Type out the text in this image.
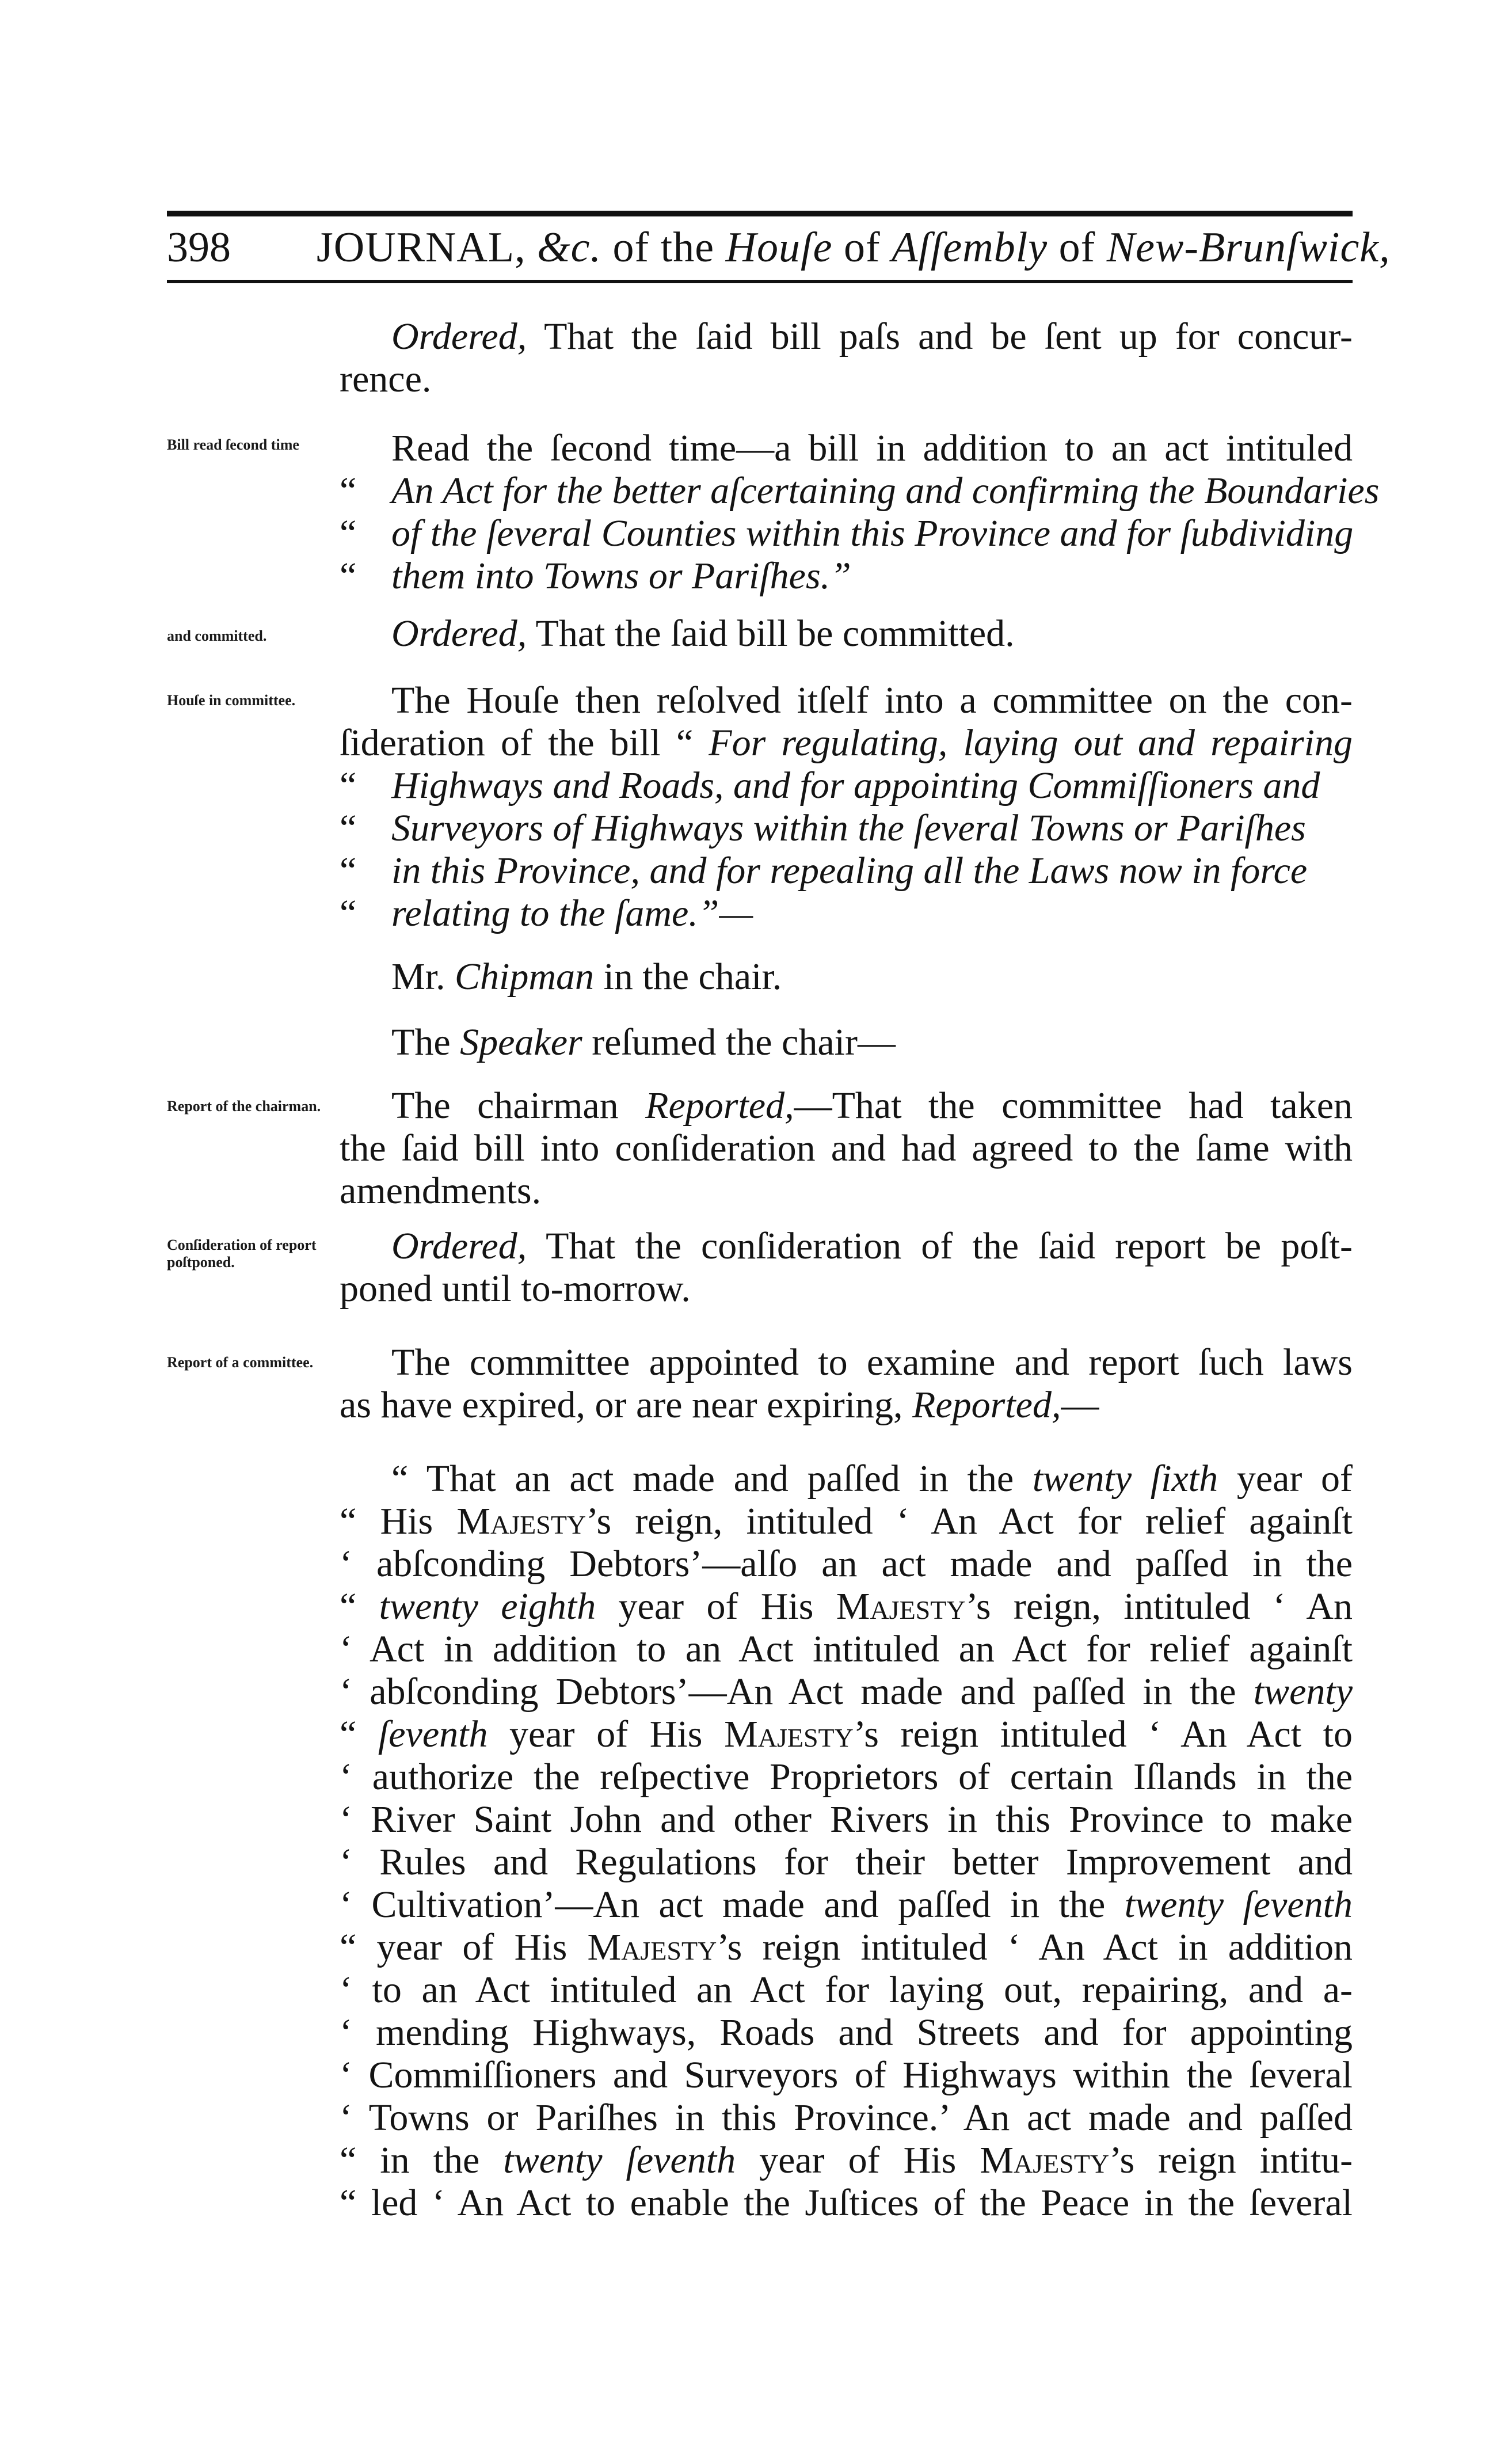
398 JOURNAL, &c. of the Houſe of Aſſembly of New-Brunſwick,
Bill read ſecond time
and committed.
Houſe in committee.
Report of the chairman.
Conſideration of report poſtponed.
Report of a committee.
Ordered, That the ſaid bill paſs and be ſent up for concur-
rence.
Read the ſecond time—a bill in addition to an act intituled
“ An Act for the better aſcertaining and confirming the Boundaries
“ of the ſeveral Counties within this Province and for ſubdividing
“ them into Towns or Pariſhes.”
Ordered, That the ſaid bill be committed.
The Houſe then reſolved itſelf into a committee on the con-
ſideration of the bill “ For regulating, laying out and repairing
“ Highways and Roads, and for appointing Commiſſioners and
“ Surveyors of Highways within the ſeveral Towns or Pariſhes
“ in this Province, and for repealing all the Laws now in force
“ relating to the ſame.”—
Mr. Chipman in the chair.
The Speaker reſumed the chair—
The chairman Reported,—That the committee had taken
the ſaid bill into conſideration and had agreed to the ſame with
amendments.
Ordered, That the conſideration of the ſaid report be poſt-
poned until to-morrow.
The committee appointed to examine and report ſuch laws
as have expired, or are near expiring, Reported,—
“ That an act made and paſſed in the twenty ſixth year of
“ His Majesty’s reign, intituled ‘ An Act for relief againſt
‘ abſconding Debtors’—alſo an act made and paſſed in the
“ twenty eighth year of His Majesty’s reign, intituled ‘ An
‘ Act in addition to an Act intituled an Act for relief againſt
‘ abſconding Debtors’—An Act made and paſſed in the twenty
“ ſeventh year of His Majesty’s reign intituled ‘ An Act to
‘ authorize the reſpective Proprietors of certain Iſlands in the
‘ River Saint John and other Rivers in this Province to make
‘ Rules and Regulations for their better Improvement and
‘ Cultivation’—An act made and paſſed in the twenty ſeventh
“ year of His Majesty’s reign intituled ‘ An Act in addition
‘ to an Act intituled an Act for laying out, repairing, and a-
‘ mending Highways, Roads and Streets and for appointing
‘ Commiſſioners and Surveyors of Highways within the ſeveral
‘ Towns or Pariſhes in this Province.’ An act made and paſſed
“ in the twenty ſeventh year of His Majesty’s reign intitu-
“ led ‘ An Act to enable the Juſtices of the Peace in the ſeveral
